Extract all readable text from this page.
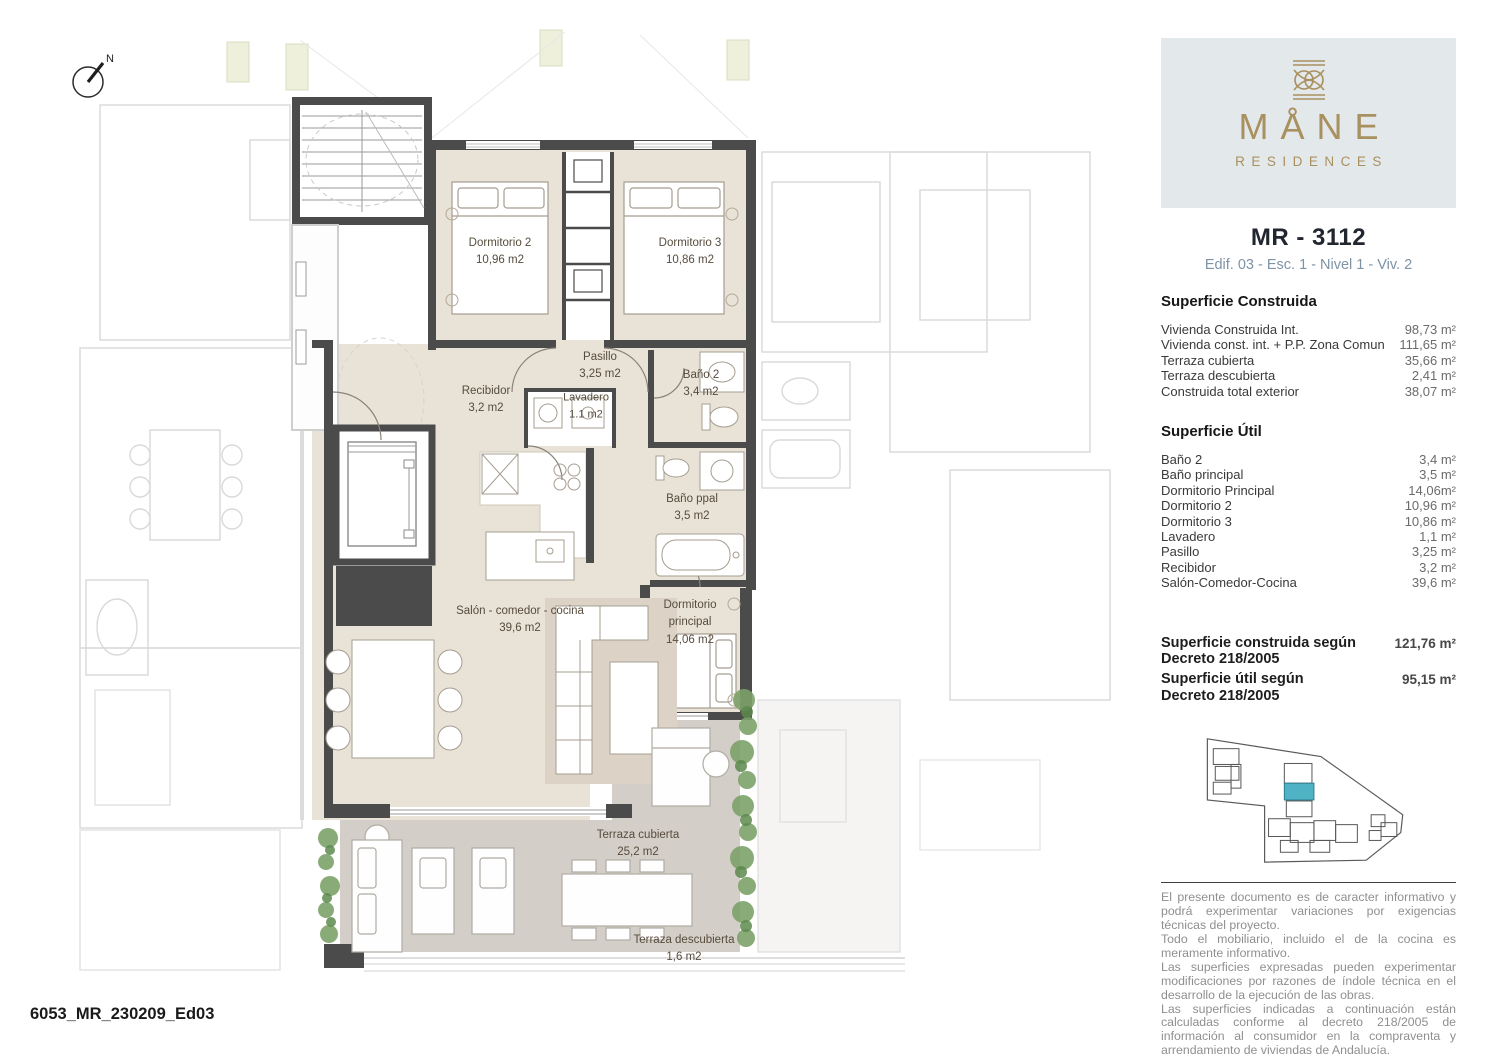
Dormitorio 2
10,96 m2
Dormitorio 3
10,86 m2
Pasillo
3,25 m2
Recibidor
3,2 m2
Lavadero
1.1 m2
Baño 2
3,4 m2
Baño ppal
3,5 m2
Salón - comedor - cocina
39,6 m2
Dormitorio principal
14,06 m2
Terraza cubierta
25,2 m2
Terraza descubierta
1,6 m2
N
MÅNE
RESIDENCES
MR - 3112
Edif. 03 - Esc. 1 - Nivel 1 - Viv. 2
Superficie Construida
Vivienda Construida Int.	98,73 m²
Vivienda const. int. + P.P. Zona Comun 111,65 m²
Terraza cubierta	35,66 m²
Terraza descubierta	2,41 m²
Construida total exterior	38,07 m²
Superficie Útil
Baño 2	3,4 m²
Baño principal	3,5 m²
Dormitorio Principal	14,06m²
Dormitorio 2	10,96 m²
Dormitorio 3	10,86 m²
Lavadero	1,1 m²
Pasillo	3,25 m²
Recibidor	3,2 m²
Salón-Comedor-Cocina	39,6 m²
Superficie construida según Decreto 218/2005
121,76 m²
Superficie útil según Decreto 218/2005
95,15 m²

El presente documento es de caracter informativo y podrá experimentar variaciones por exigencias técnicas del proyecto.

Todo el mobiliario, incluido el de la cocina es meramente informativo.

Las superficies expresadas pueden experimentar modificaciones por razones de índole técnica en el desarrollo de la ejecución de las obras.

Las superficies indicadas a continuación están calculadas conforme al decreto 218/2005 de información al consumidor en la compraventa y arrendamiento de viviendas de Andalucía.

6053_MR_230209_Ed03
